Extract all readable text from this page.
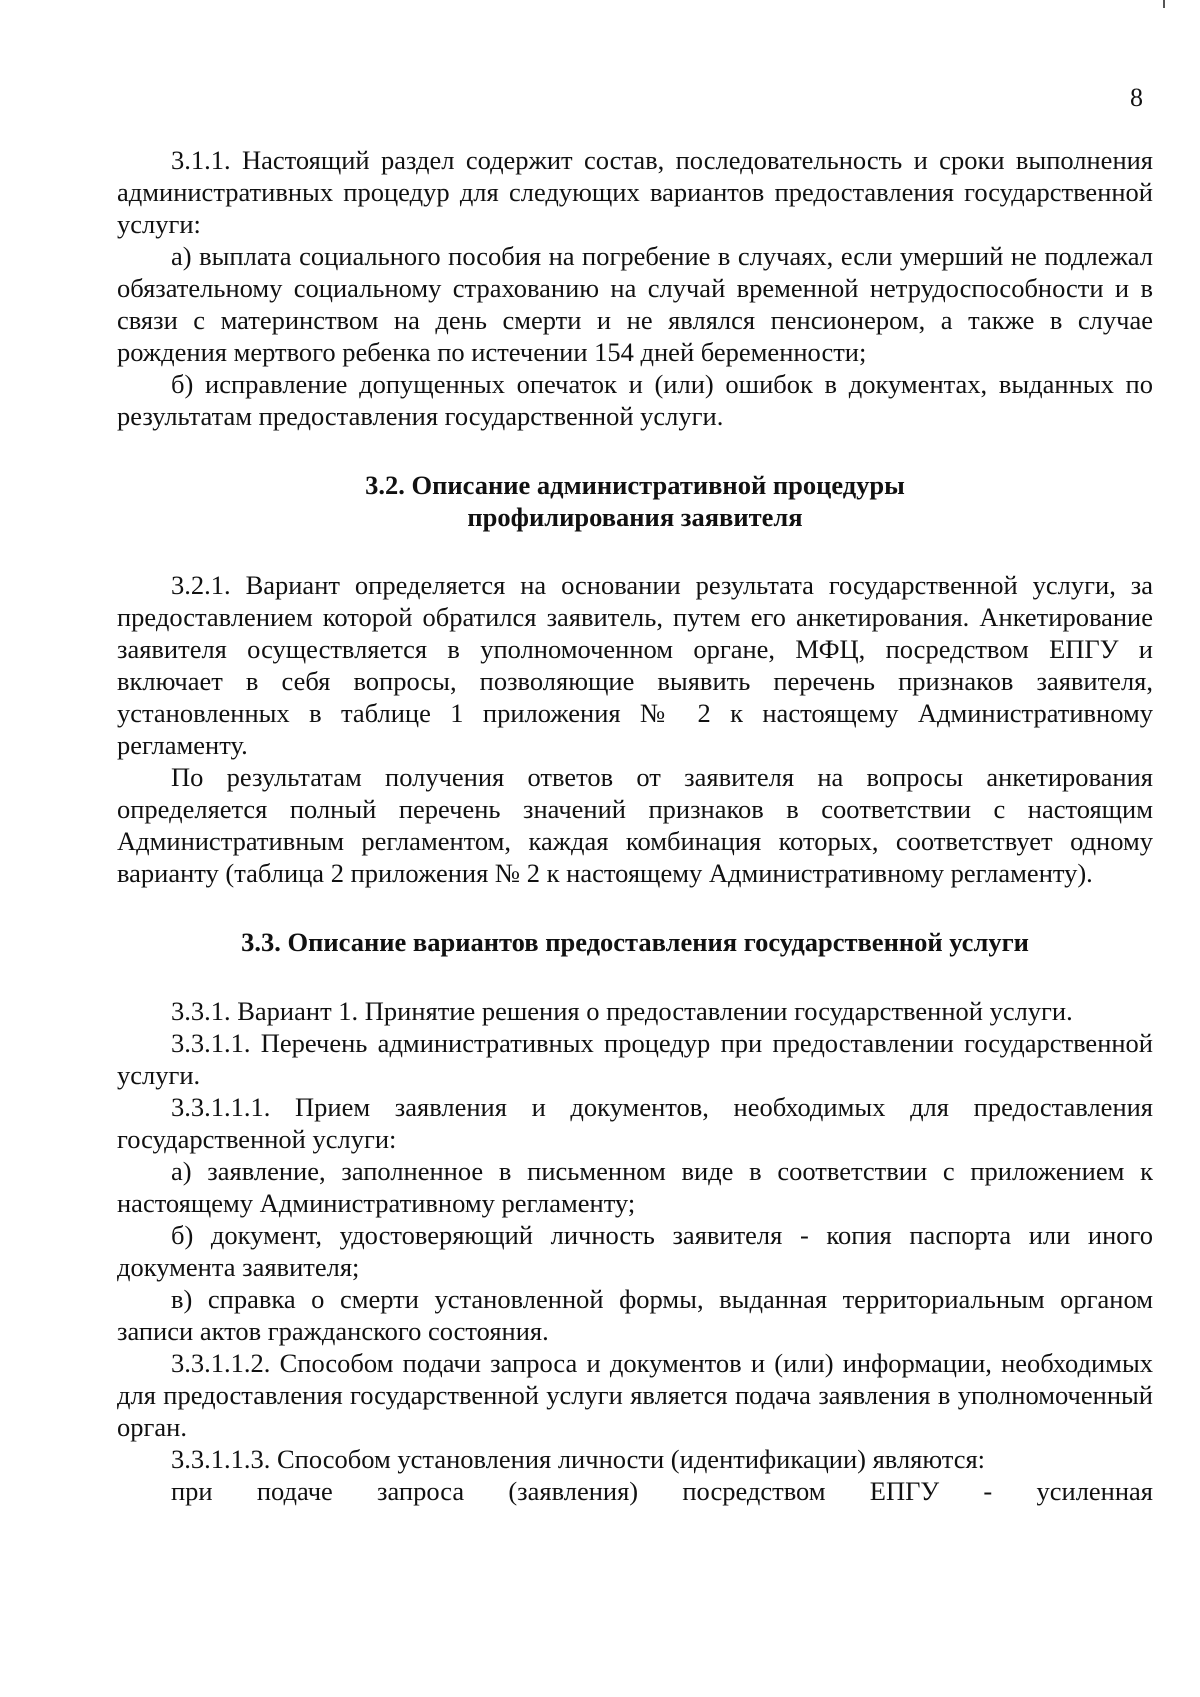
8

3.1.1. Настоящий раздел содержит состав, последовательность и сроки выполнения административных процедур для следующих вариантов предоставления государственной услуги:

а) выплата социального пособия на погребение в случаях, если умерший не подлежал обязательному социальному страхованию на случай временной нетрудоспособности и в связи с материнством на день смерти и не являлся пенсионером, а также в случае рождения мертвого ребенка по истечении 154 дней беременности;

б) исправление допущенных опечаток и (или) ошибок в документах, выданных по результатам предоставления государственной услуги.

3.2. Описание административной процедуры
профилирования заявителя

3.2.1. Вариант определяется на основании результата государственной услуги, за предоставлением которой обратился заявитель, путем его анкетирования. Анкетирование заявителя осуществляется в уполномоченном органе, МФЦ, посредством ЕПГУ и включает в себя вопросы, позволяющие выявить перечень признаков заявителя, установленных в таблице 1 приложения № 2 к настоящему Административному регламенту.

По результатам получения ответов от заявителя на вопросы анкетирования определяется полный перечень значений признаков в соответствии с настоящим Административным регламентом, каждая комбинация которых, соответствует одному варианту (таблица 2 приложения № 2 к настоящему Административному регламенту).

3.3. Описание вариантов предоставления государственной услуги

3.3.1. Вариант 1. Принятие решения о предоставлении государственной услуги.

3.3.1.1. Перечень административных процедур при предоставлении государственной услуги.

3.3.1.1.1. Прием заявления и документов, необходимых для предоставления государственной услуги:

а) заявление, заполненное в письменном виде в соответствии с приложением к настоящему Административному регламенту;

б) документ, удостоверяющий личность заявителя - копия паспорта или иного документа заявителя;

в) справка о смерти установленной формы, выданная территориальным органом записи актов гражданского состояния.

3.3.1.1.2. Способом подачи запроса и документов и (или) информации, необходимых для предоставления государственной услуги является подача заявления в уполномоченный орган.

3.3.1.1.3. Способом установления личности (идентификации) являются:

при подаче запроса (заявления) посредством ЕПГУ - усиленная
